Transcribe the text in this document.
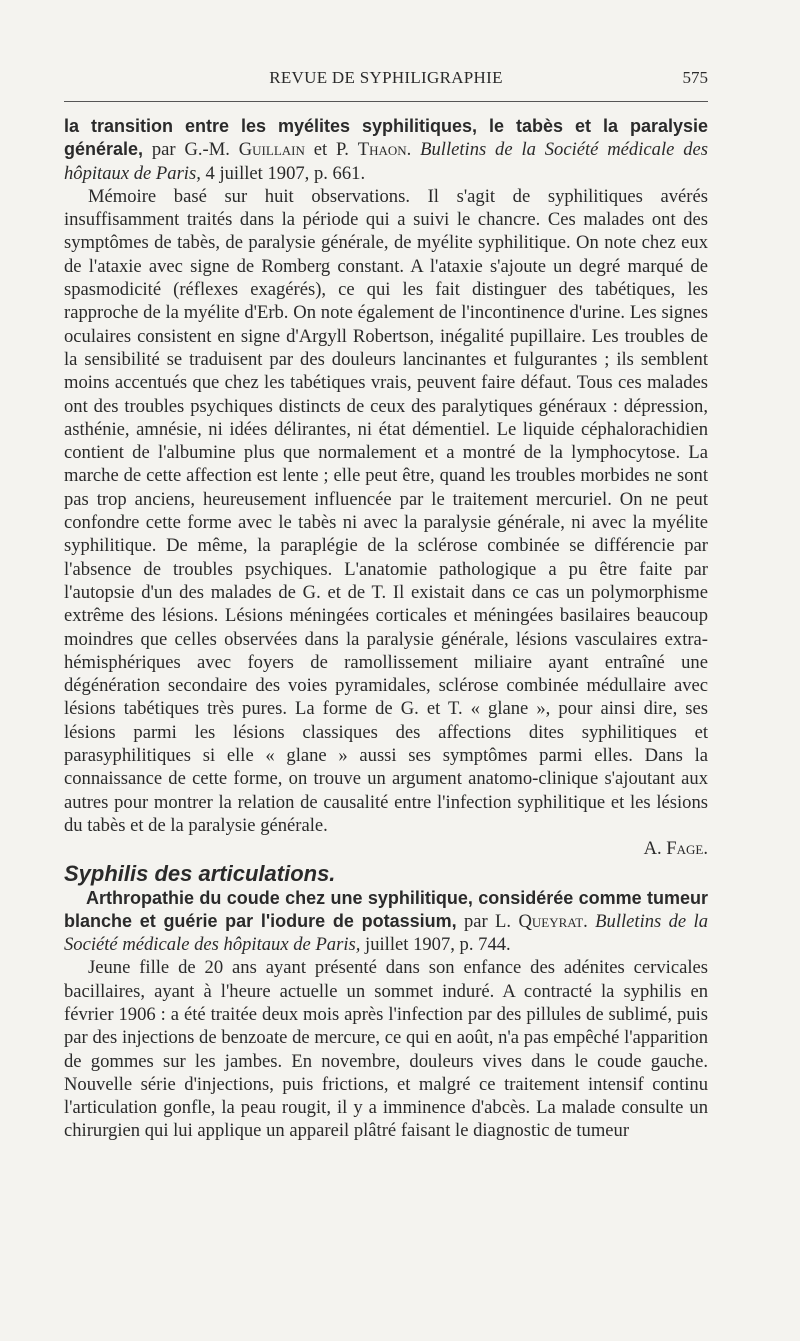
REVUE DE SYPHILIGRAPHIE	575

la transition entre les myélites syphilitiques, le tabès et la paralysie générale, par G.-M. Guillain et P. Thaon. Bulletins de la Société médicale des hôpitaux de Paris, 4 juillet 1907, p. 661.

Mémoire basé sur huit observations. Il s'agit de syphilitiques avérés insuffisamment traités dans la période qui a suivi le chancre. Ces malades ont des symptômes de tabès, de paralysie générale, de myélite syphilitique. On note chez eux de l'ataxie avec signe de Romberg constant. A l'ataxie s'ajoute un degré marqué de spasmodicité (réflexes exagérés), ce qui les fait distinguer des tabétiques, les rapproche de la myélite d'Erb. On note également de l'incontinence d'urine. Les signes oculaires consistent en signe d'Argyll Robertson, inégalité pupillaire. Les troubles de la sensibilité se traduisent par des douleurs lancinantes et fulgurantes ; ils semblent moins accentués que chez les tabétiques vrais, peuvent faire défaut. Tous ces malades ont des troubles psychiques distincts de ceux des paralytiques généraux : dépression, asthénie, amnésie, ni idées délirantes, ni état démentiel. Le liquide céphalorachidien contient de l'albumine plus que normalement et a montré de la lymphocytose. La marche de cette affection est lente ; elle peut être, quand les troubles morbides ne sont pas trop anciens, heureusement influencée par le traitement mercuriel. On ne peut confondre cette forme avec le tabès ni avec la paralysie générale, ni avec la myélite syphilitique. De même, la paraplégie de la sclérose combinée se différencie par l'absence de troubles psychiques. L'anatomie pathologique a pu être faite par l'autopsie d'un des malades de G. et de T. Il existait dans ce cas un polymorphisme extrême des lésions. Lésions méningées corticales et méningées basilaires beaucoup moindres que celles observées dans la paralysie générale, lésions vasculaires extra-hémisphériques avec foyers de ramollissement miliaire ayant entraîné une dégénération secondaire des voies pyramidales, sclérose combinée médullaire avec lésions tabétiques très pures. La forme de G. et T. « glane », pour ainsi dire, ses lésions parmi les lésions classiques des affections dites syphilitiques et parasyphilitiques si elle « glane » aussi ses symptômes parmi elles. Dans la connaissance de cette forme, on trouve un argument anatomo-clinique s'ajoutant aux autres pour montrer la relation de causalité entre l'infection syphilitique et les lésions du tabès et de la paralysie générale.

A. Fage.

Syphilis des articulations.

Arthropathie du coude chez une syphilitique, considérée comme tumeur blanche et guérie par l'iodure de potassium, par L. Queyrat. Bulletins de la Société médicale des hôpitaux de Paris, juillet 1907, p. 744.

Jeune fille de 20 ans ayant présenté dans son enfance des adénites cervicales bacillaires, ayant à l'heure actuelle un sommet induré. A contracté la syphilis en février 1906 : a été traitée deux mois après l'infection par des pillules de sublimé, puis par des injections de benzoate de mercure, ce qui en août, n'a pas empêché l'apparition de gommes sur les jambes. En novembre, douleurs vives dans le coude gauche. Nouvelle série d'injections, puis frictions, et malgré ce traitement intensif continu l'articulation gonfle, la peau rougit, il y a imminence d'abcès. La malade consulte un chirurgien qui lui applique un appareil plâtré faisant le diagnostic de tumeur
